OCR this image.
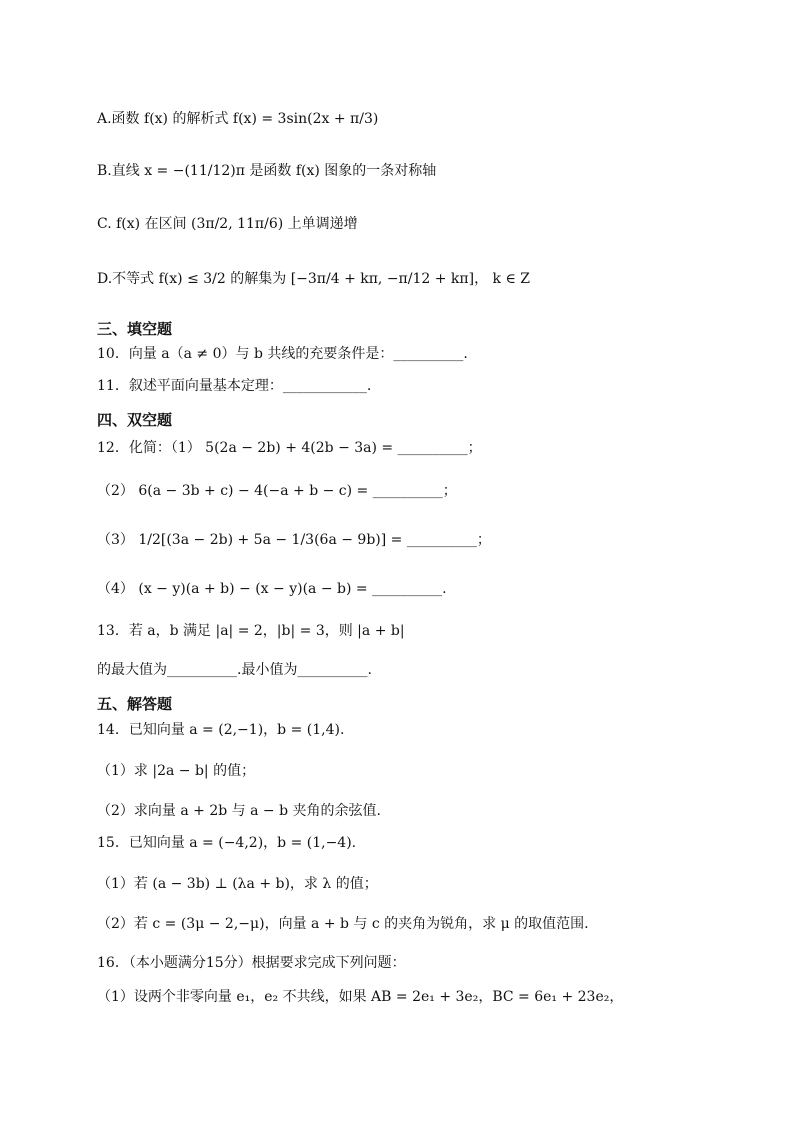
A.函数 f(x) 的解析式 f(x) = 3sin(2x + π/3)
B.直线 x = −(11/12)π 是函数 f(x) 图象的一条对称轴
C. f(x) 在区间 (3π/2, 11π/6) 上单调递增
D.不等式 f(x) ≤ 3/2 的解集为 [−3π/4 + kπ, −π/12 + kπ]， k ∈ Z
三、填空题
10．向量 a（a ≠ 0）与 b 共线的充要条件是：__________.
11．叙述平面向量基本定理：____________.
四、双空题
12．化简：（1） 5(2a − 2b) + 4(2b − 3a) = __________；
（2） 6(a − 3b + c) − 4(−a + b − c) = __________；
（3） 1/2[(3a − 2b) + 5a − 1/3(6a − 9b)] = __________；
（4） (x − y)(a + b) − (x − y)(a − b) = __________.
13．若 a，b 满足 |a| = 2，|b| = 3，则 |a + b|
的最大值为__________.最小值为__________.
五、解答题
14．已知向量 a = (2,−1)，b = (1,4).
（1）求 |2a − b| 的值；
（2）求向量 a + 2b 与 a − b 夹角的余弦值.
15．已知向量 a = (−4,2)，b = (1,−4).
（1）若 (a − 3b) ⊥ (λa + b)，求 λ 的值；
（2）若 c = (3μ − 2,−μ)，向量 a + b 与 c 的夹角为锐角，求 μ 的取值范围.
16．（本小题满分15分）根据要求完成下列问题：
（1）设两个非零向量 e₁，e₂ 不共线，如果 AB = 2e₁ + 3e₂，BC = 6e₁ + 23e₂，
